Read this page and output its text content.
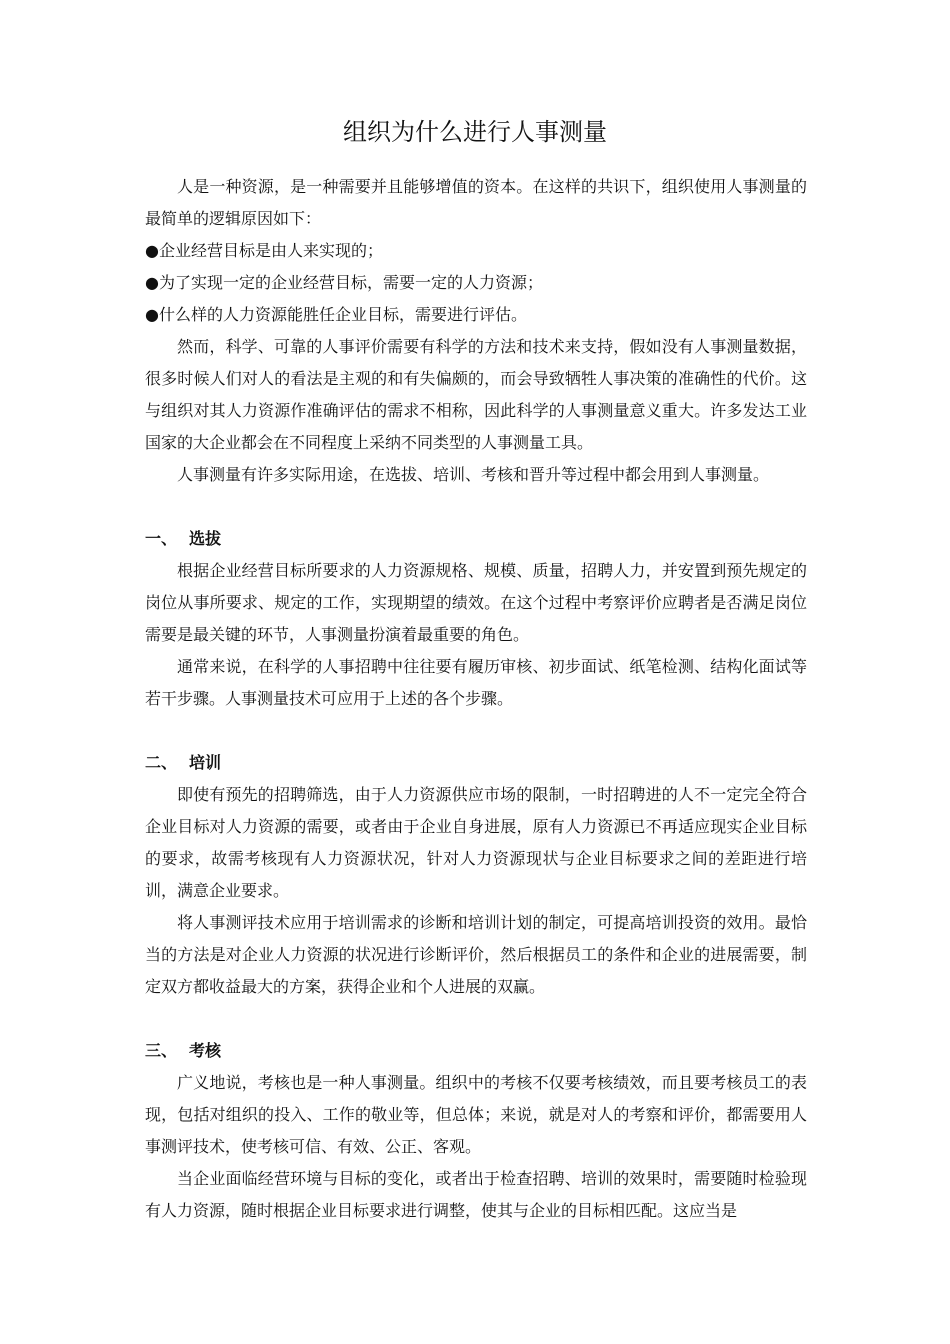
组织为什么进行人事测量

人是一种资源，是一种需要并且能够增值的资本。在这样的共识下，组织使用人事测量的最简单的逻辑原因如下：

●企业经营目标是由人来实现的；

●为了实现一定的企业经营目标，需要一定的人力资源；

●什么样的人力资源能胜任企业目标，需要进行评估。

然而，科学、可靠的人事评价需要有科学的方法和技术来支持，假如没有人事测量数据，很多时候人们对人的看法是主观的和有失偏颇的，而会导致牺牲人事决策的准确性的代价。这与组织对其人力资源作准确评估的需求不相称，因此科学的人事测量意义重大。许多发达工业国家的大企业都会在不同程度上采纳不同类型的人事测量工具。

人事测量有许多实际用途，在选拔、培训、考核和晋升等过程中都会用到人事测量。

一、 选拔

根据企业经营目标所要求的人力资源规格、规模、质量，招聘人力，并安置到预先规定的岗位从事所要求、规定的工作，实现期望的绩效。在这个过程中考察评价应聘者是否满足岗位需要是最关键的环节，人事测量扮演着最重要的角色。

通常来说，在科学的人事招聘中往往要有履历审核、初步面试、纸笔检测、结构化面试等若干步骤。人事测量技术可应用于上述的各个步骤。

二、 培训

即使有预先的招聘筛选，由于人力资源供应市场的限制，一时招聘进的人不一定完全符合企业目标对人力资源的需要，或者由于企业自身进展，原有人力资源已不再适应现实企业目标的要求，故需考核现有人力资源状况，针对人力资源现状与企业目标要求之间的差距进行培训，满意企业要求。

将人事测评技术应用于培训需求的诊断和培训计划的制定，可提高培训投资的效用。最恰当的方法是对企业人力资源的状况进行诊断评价，然后根据员工的条件和企业的进展需要，制定双方都收益最大的方案，获得企业和个人进展的双赢。

三、 考核

广义地说，考核也是一种人事测量。组织中的考核不仅要考核绩效，而且要考核员工的表现，包括对组织的投入、工作的敬业等，但总体；来说，就是对人的考察和评价，都需要用人事测评技术，使考核可信、有效、公正、客观。

当企业面临经营环境与目标的变化，或者出于检查招聘、培训的效果时，需要随时检验现有人力资源，随时根据企业目标要求进行调整，使其与企业的目标相匹配。这应当是
